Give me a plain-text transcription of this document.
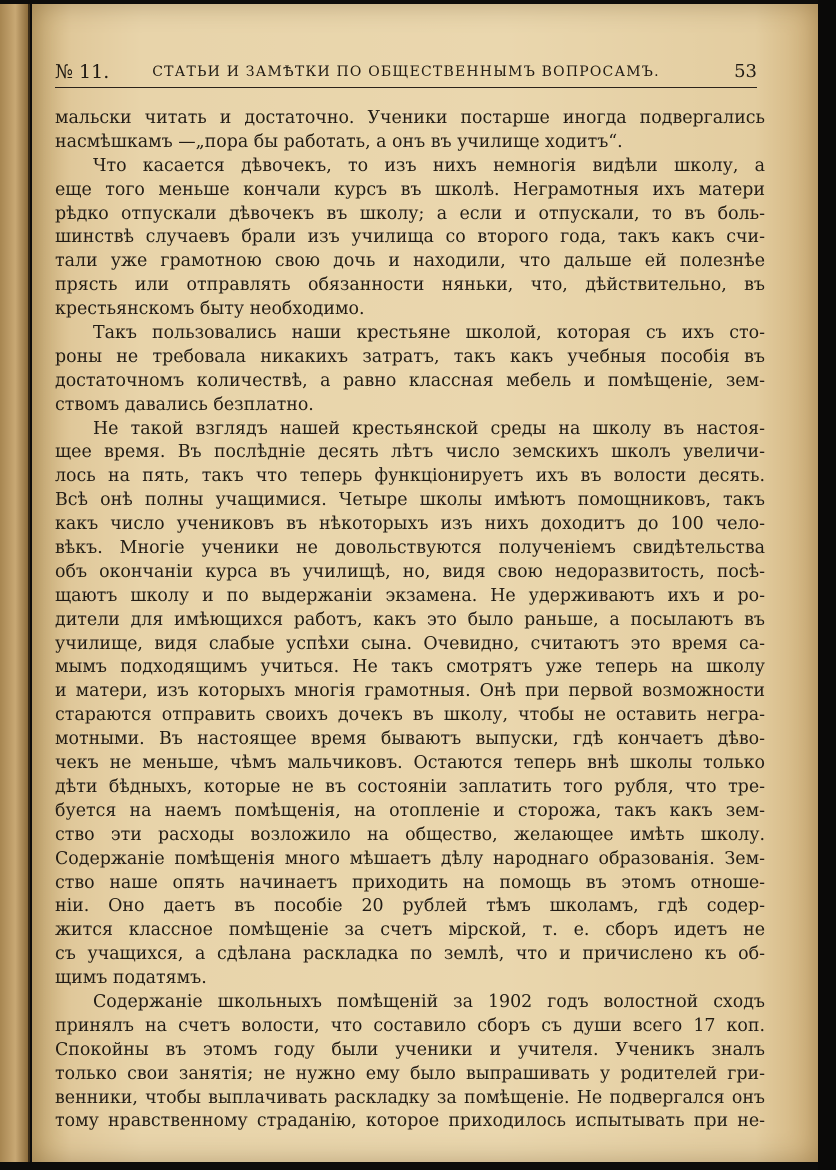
№ 11.	СТАТЬИ И ЗАМѢТКИ ПО ОБЩЕСТВЕННЫМЪ ВОПРОСАМЪ.	53
мальски читать и достаточно. Ученики постарше иногда подвергались
насмѣшкамъ —„пора бы работать, а онъ въ училище ходитъ“.
Что касается дѣвочекъ, то изъ нихъ немногія видѣли школу, а
еще того меньше кончали курсъ въ школѣ. Неграмотныя ихъ матери
рѣдко отпускали дѣвочекъ въ школу; а если и отпускали, то въ боль-
шинствѣ случаевъ брали изъ училища со второго года, такъ какъ счи-
тали уже грамотною свою дочь и находили, что дальше ей полезнѣе
прясть или отправлять обязанности няньки, что, дѣйствительно, въ
крестьянскомъ быту необходимо.
Такъ пользовались наши крестьяне школой, которая съ ихъ сто-
роны не требовала никакихъ затратъ, такъ какъ учебныя пособія въ
достаточномъ количествѣ, а равно классная мебель и помѣщеніе, зем-
ствомъ давались безплатно.
Не такой взглядъ нашей крестьянской среды на школу въ настоя-
щее время. Въ послѣдніе десять лѣтъ число земскихъ школъ увеличи-
лось на пять, такъ что теперь функціонируетъ ихъ въ волости десять.
Всѣ онѣ полны учащимися. Четыре школы имѣютъ помощниковъ, такъ
какъ число учениковъ въ нѣкоторыхъ изъ нихъ доходитъ до 100 чело-
вѣкъ. Многіе ученики не довольствуются полученіемъ свидѣтельства
объ окончаніи курса въ училищѣ, но, видя свою недоразвитость, посѣ-
щаютъ школу и по выдержаніи экзамена. Не удерживаютъ ихъ и ро-
дители для имѣющихся работъ, какъ это было раньше, а посылаютъ въ
училище, видя слабые успѣхи сына. Очевидно, считаютъ это время са-
мымъ подходящимъ учиться. Не такъ смотрятъ уже теперь на школу
и матери, изъ которыхъ многія грамотныя. Онѣ при первой возможности
стараются отправить своихъ дочекъ въ школу, чтобы не оставить негра-
мотными. Въ настоящее время бываютъ выпуски, гдѣ кончаетъ дѣво-
чекъ не меньше, чѣмъ мальчиковъ. Остаются теперь внѣ школы только
дѣти бѣдныхъ, которые не въ состояніи заплатить того рубля, что тре-
буется на наемъ помѣщенія, на отопленіе и сторожа, такъ какъ зем-
ство эти расходы возложило на общество, желающее имѣть школу.
Содержаніе помѣщенія много мѣшаетъ дѣлу народнаго образованія. Зем-
ство наше опять начинаетъ приходить на помощь въ этомъ отноше-
ніи. Оно даетъ въ пособіе 20 рублей тѣмъ школамъ, гдѣ содер-
жится классное помѣщеніе за счетъ мірской, т. е. сборъ идетъ не
съ учащихся, а сдѣлана раскладка по землѣ, что и причислено къ об-
щимъ податямъ.
Содержаніе школьныхъ помѣщеній за 1902 годъ волостной сходъ
принялъ на счетъ волости, что составило сборъ съ души всего 17 коп.
Спокойны въ этомъ году были ученики и учителя. Ученикъ зналъ
только свои занятія; не нужно ему было выпрашивать у родителей гри-
венники, чтобы выплачивать раскладку за помѣщеніе. Не подвергался онъ
тому нравственному страданію, которое приходилось испытывать при не-
